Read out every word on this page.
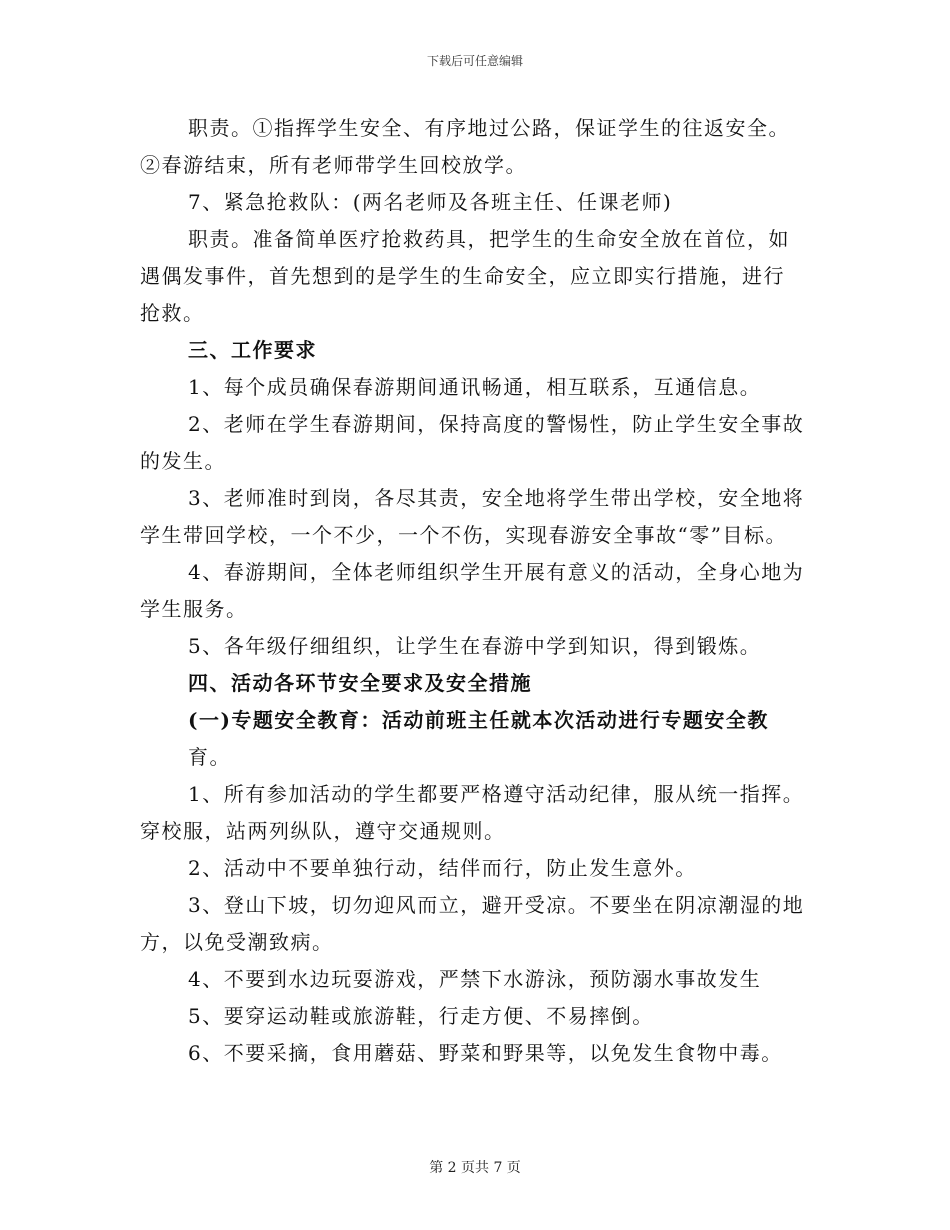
下载后可任意编辑
职责。①指挥学生安全、有序地过公路，保证学生的往返安全。
②春游结束，所有老师带学生回校放学。
7、紧急抢救队：(两名老师及各班主任、任课老师)
职责。准备简单医疗抢救药具，把学生的生命安全放在首位，如
遇偶发事件，首先想到的是学生的生命安全，应立即实行措施，进行
抢救。
三、工作要求
1、每个成员确保春游期间通讯畅通，相互联系，互通信息。
2、老师在学生春游期间，保持高度的警惕性，防止学生安全事故
的发生。
3、老师准时到岗，各尽其责，安全地将学生带出学校，安全地将
学生带回学校，一个不少，一个不伤，实现春游安全事故“零”目标。
4、春游期间，全体老师组织学生开展有意义的活动，全身心地为
学生服务。
5、各年级仔细组织，让学生在春游中学到知识，得到锻炼。
四、活动各环节安全要求及安全措施
(一)专题安全教育：活动前班主任就本次活动进行专题安全教
育。
1、所有参加活动的学生都要严格遵守活动纪律，服从统一指挥。
穿校服，站两列纵队，遵守交通规则。
2、活动中不要单独行动，结伴而行，防止发生意外。
3、登山下坡，切勿迎风而立，避开受凉。不要坐在阴凉潮湿的地
方，以免受潮致病。
4、不要到水边玩耍游戏，严禁下水游泳，预防溺水事故发生
5、要穿运动鞋或旅游鞋，行走方便、不易摔倒。
6、不要采摘，食用蘑菇、野菜和野果等，以免发生食物中毒。
第 2 页共 7 页
